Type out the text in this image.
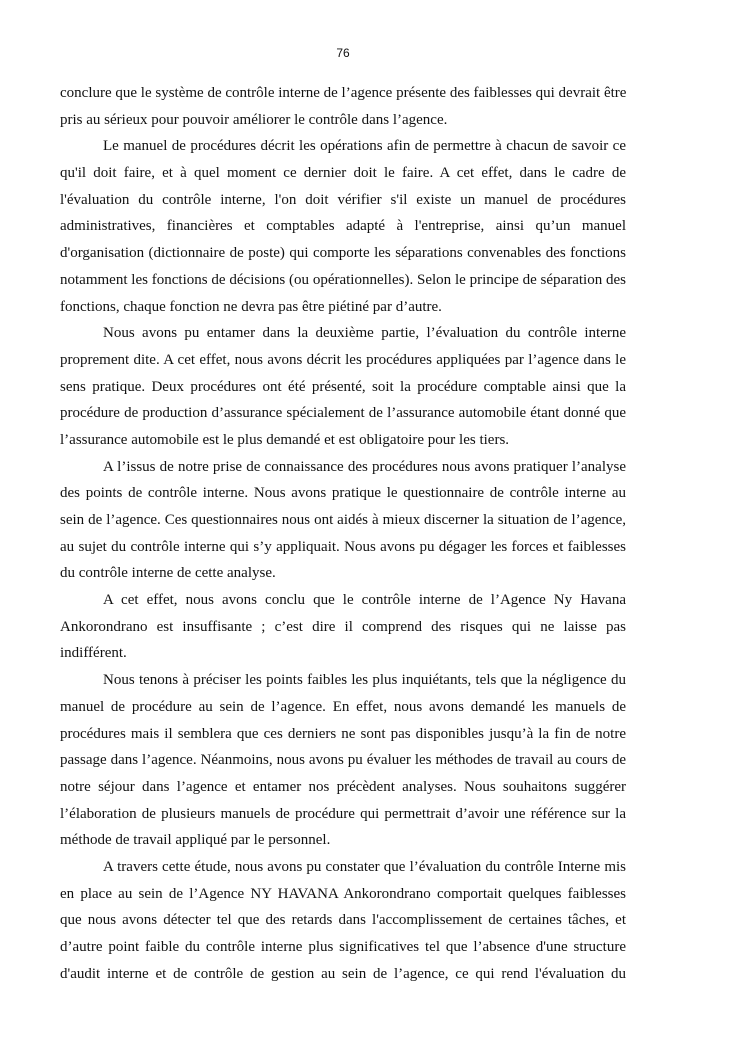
76
conclure que le système de contrôle interne de l’agence présente des faiblesses qui devrait être
pris au sérieux pour pouvoir améliorer le contrôle dans l’agence.
Le manuel de procédures décrit les opérations afin de permettre à chacun de savoir ce
qu'il doit faire, et à quel moment ce dernier doit le faire. A cet effet, dans le cadre de
l'évaluation du contrôle interne, l'on doit vérifier s'il existe un manuel de procédures
administratives, financières et comptables adapté à l'entreprise, ainsi qu’un manuel
d'organisation (dictionnaire de poste) qui comporte les séparations convenables des fonctions
notamment les fonctions de décisions (ou opérationnelles). Selon le principe de séparation des
fonctions, chaque fonction ne devra pas être piétiné par d’autre.
Nous avons pu entamer dans la deuxième partie, l’évaluation du contrôle interne
proprement dite. A cet effet, nous avons décrit les procédures appliquées par l’agence dans le
sens pratique. Deux procédures ont été présenté, soit la procédure comptable ainsi que la
procédure de production d’assurance spécialement de l’assurance automobile étant donné que
l’assurance automobile est le plus demandé et est obligatoire pour les tiers.
A l’issus de notre prise de connaissance des procédures nous avons pratiquer l’analyse
des points de contrôle interne. Nous avons pratique le questionnaire de contrôle interne au
sein de l’agence. Ces questionnaires nous ont aidés à mieux discerner la situation de l’agence,
au sujet du contrôle interne qui s’y appliquait. Nous avons pu dégager les forces et faiblesses
du contrôle interne de cette analyse.
A cet effet, nous avons conclu que le contrôle interne de l’Agence Ny Havana
Ankorondrano est insuffisante ; c’est dire il comprend des risques qui ne laisse pas
indifférent.
Nous tenons à préciser les points faibles les plus inquiétants, tels que la négligence du
manuel de procédure au sein de l’agence. En effet, nous avons demandé les manuels de
procédures mais il semblera que ces derniers ne sont pas disponibles jusqu’à la fin de notre
passage dans l’agence. Néanmoins, nous avons pu évaluer les méthodes de travail au cours de
notre séjour dans l’agence et entamer nos précèdent analyses. Nous souhaitons suggérer
l’élaboration de plusieurs manuels de procédure qui permettrait d’avoir une référence sur la
méthode de travail appliqué par le personnel.
A travers cette étude, nous avons pu constater que l’évaluation du contrôle Interne mis
en place au sein de l’Agence NY HAVANA Ankorondrano comportait quelques faiblesses
que nous avons détecter tel que des retards dans l'accomplissement de certaines tâches, et
d’autre point faible du contrôle interne plus significatives tel que l’absence d'une structure
d'audit interne et de contrôle de gestion au sein de l’agence, ce qui rend l'évaluation du
